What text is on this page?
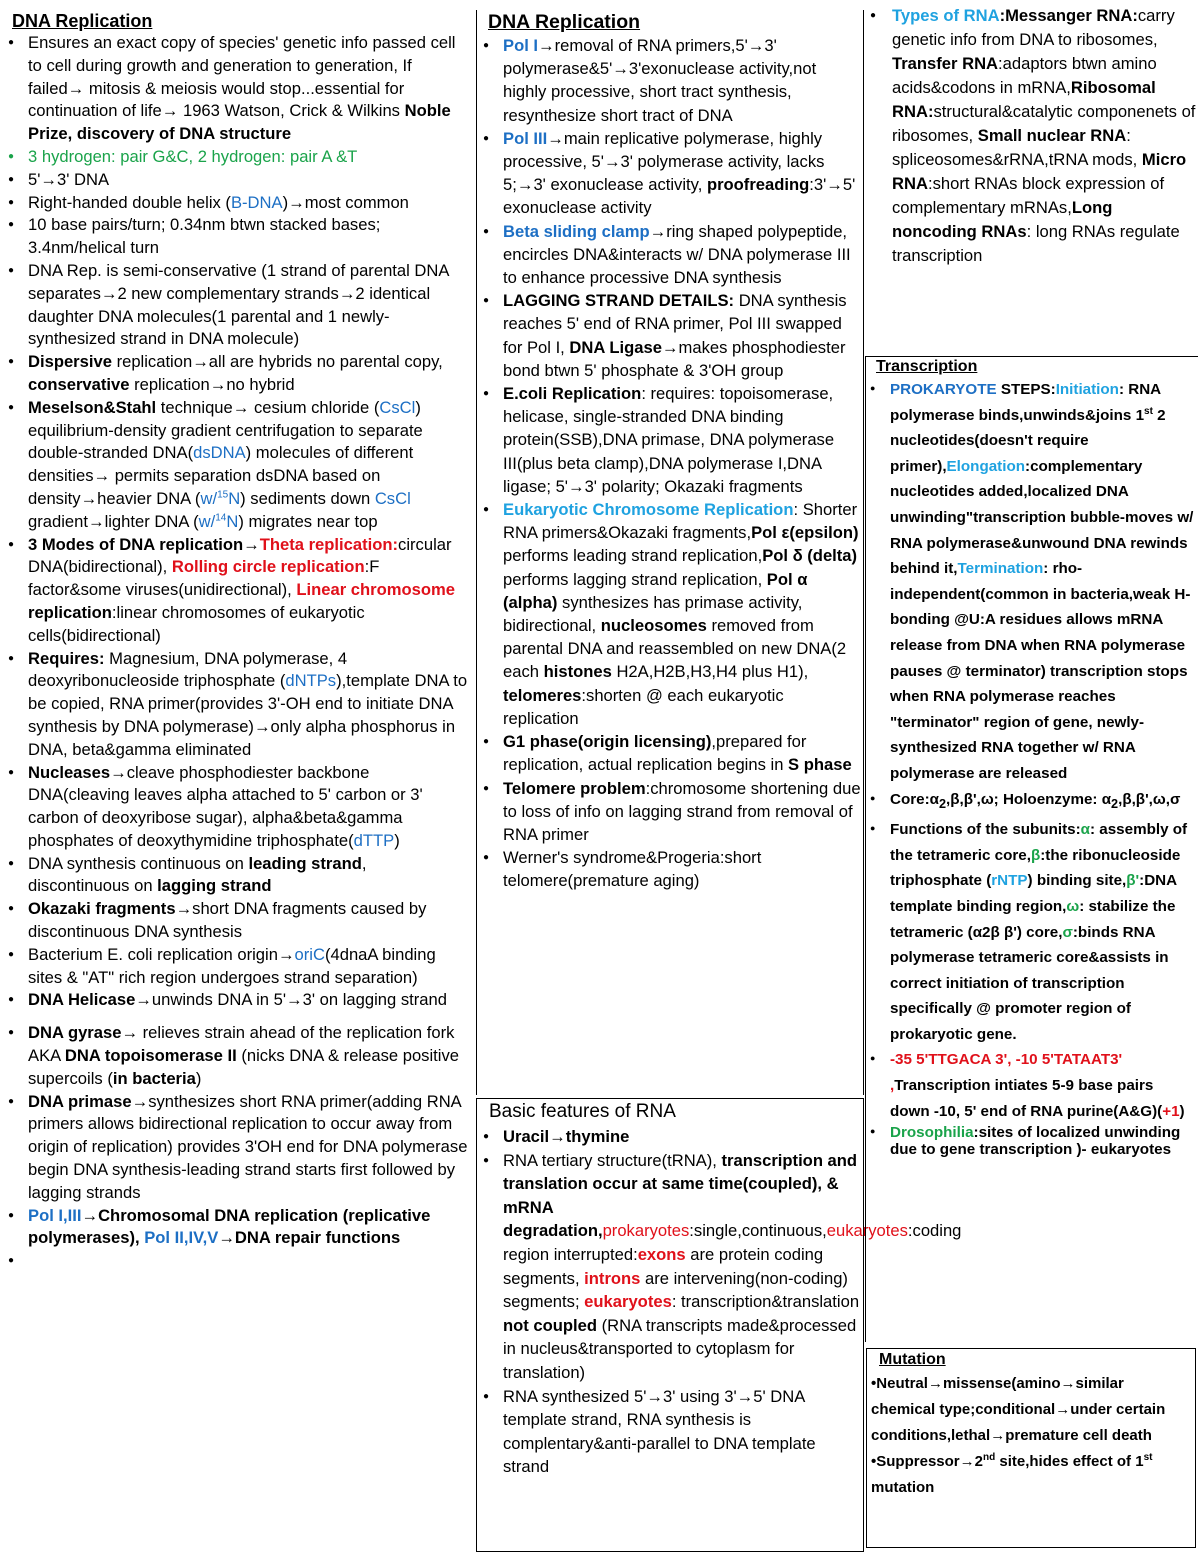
DNA Replication
● Ensures an exact copy of species' genetic info passed cell to cell during growth and generation to generation, If failed→ mitosis & meiosis would stop...essential for continuation of life→ 1963 Watson, Crick & Wilkins Noble Prize, discovery of DNA structure
● 3 hydrogen: pair G&C, 2 hydrogen: pair A &T
● 5'→3' DNA
● Right-handed double helix (B-DNA)→most common
● 10 base pairs/turn; 0.34nm btwn stacked bases; 3.4nm/helical turn
● DNA Rep. is semi-conservative (1 strand of parental DNA separates→2 new complementary strands→2 identical daughter DNA molecules(1 parental and 1 newly-synthesized strand in DNA molecule)
● Dispersive replication→all are hybrids no parental copy, conservative replication→no hybrid
● Meselson&Stahl technique→ cesium chloride (CsCl) equilibrium-density gradient centrifugation to separate double-stranded DNA(dsDNA) molecules of different densities→ permits separation dsDNA based on density→heavier DNA (w/$^{15}$N) sediments down CsCl gradient→lighter DNA (w/$^{14}$N) migrates near top
● 3 Modes of DNA replication→Theta replication:circular DNA(bidirectional), Rolling circle replication:F factor&some viruses(unidirectional), Linear chromosome replication:linear chromosomes of eukaryotic cells(bidirectional)
● Requires: Magnesium, DNA polymerase, 4 deoxyribonucleoside triphosphate (dNTPs),template DNA to be copied, RNA primer(provides 3'-OH end to initiate DNA synthesis by DNA polymerase)→only alpha phosphorus in DNA, beta&gamma eliminated
● Nucleases→cleave phosphodiester backbone DNA(cleaving leaves alpha attached to 5' carbon or 3' carbon of deoxyribose sugar), alpha&beta&gamma phosphates of deoxythymidine triphosphate(dTTP)
● DNA synthesis continuous on leading strand, discontinuous on lagging strand
● Okazaki fragments→short DNA fragments caused by discontinuous DNA synthesis
● Bacterium E. coli replication origin→oriC(4dnaA binding sites & "AT" rich region undergoes strand separation)
● DNA Helicase→unwinds DNA in 5'→3' on lagging strand
● DNA gyrase→ relieves strain ahead of the replication fork AKA DNA topoisomerase II (nicks DNA & release positive supercoils (in bacteria)
● DNA primase→synthesizes short RNA primer(adding RNA primers allows bidirectional replication to occur away from origin of replication) provides 3'OH end for DNA polymerase begin DNA synthesis-leading strand starts first followed by lagging strands
● Pol I,III→Chromosomal DNA replication (replicative polymerases), Pol II,IV,V→DNA repair functions
DNA Replication
● Pol I→removal of RNA primers,5'→3' polymerase&5'→3'exonuclease activity,not highly processive, short tract synthesis, resynthesize short tract of DNA
● Pol III→main replicative polymerase, highly processive, 5'→3' polymerase activity, lacks 5;→3' exonuclease activity, proofreading:3'→5' exonuclease activity
● Beta sliding clamp→ring shaped polypeptide, encircles DNA&interacts w/ DNA polymerase III to enhance processive DNA synthesis
● LAGGING STRAND DETAILS: DNA synthesis reaches 5' end of RNA primer, Pol III swapped for Pol I, DNA Ligase→makes phosphodiester bond btwn 5' phosphate & 3'OH group
● E.coli Replication: requires: topoisomerase, helicase, single-stranded DNA binding protein(SSB),DNA primase, DNA polymerase III(plus beta clamp),DNA polymerase I,DNA ligase; 5'→3' polarity; Okazaki fragments
● Eukaryotic Chromosome Replication: Shorter RNA primers&Okazaki fragments,Pol ε(epsilon) performs leading strand replication,Pol δ (delta) performs lagging strand replication, Pol α (alpha) synthesizes has primase activity, bidirectional, nucleosomes removed from parental DNA and reassembled on new DNA(2 each histones H2A,H2B,H3,H4 plus H1), telomeres:shorten @ each eukaryotic replication
● G1 phase(origin licensing),prepared for replication, actual replication begins in S phase
● Telomere problem:chromosome shortening due to loss of info on lagging strand from removal of RNA primer
● Werner's syndrome&Progeria:short telomere(premature aging)
Basic features of RNA
● Uracil→thymine
● RNA tertiary structure(tRNA), transcription and translation occur at same time(coupled), & mRNA degradation,prokaryotes:single,continuous,eukaryotes:coding region interrupted:exons are protein coding segments, introns are intervening(non-coding) segments; eukaryotes: transcription&translation not coupled (RNA transcripts made&processed in nucleus&transported to cytoplasm for translation)
● RNA synthesized 5'→3' using 3'→5' DNA template strand, RNA synthesis is complentary&anti-parallel to DNA template strand
● Types of RNA:Messanger RNA:carry genetic info from DNA to ribosomes, Transfer RNA:adaptors btwn amino acids&codons in mRNA,Ribosomal RNA:structural&catalytic componenets of ribosomes, Small nuclear RNA: spliceosomes&rRNA,tRNA mods, Micro RNA:short RNAs block expression of complementary mRNAs,Long noncoding RNAs: long RNAs regulate transcription
Transcription
● PROKARYOTE STEPS:Initiation: RNA polymerase binds,unwinds&joins 1st 2 nucleotides(doesn't require primer),Elongation:complementary nucleotides added,localized DNA unwinding"transcription bubble-moves w/ RNA polymerase&unwound DNA rewinds behind it,Termination: rho-independent(common in bacteria,weak H-bonding @U:A residues allows mRNA release from DNA when RNA polymerase pauses @ terminator) transcription stops when RNA polymerase reaches "terminator" region of gene, newly-synthesized RNA together w/ RNA polymerase are released
● $Core:\alpha_2,\beta,\beta',\omega$; Holoenzyme: $\alpha_2,\beta,\beta',\omega,\sigma$
● Functions of the subunits:α: assembly of the tetrameric core,β:the ribonucleoside triphosphate (rNTP) binding site,β':DNA template binding region,ω: stabilize the tetrameric (α2β β') core,σ:binds RNA polymerase tetrameric core&assists in correct initiation of transcription specifically @ promoter region of prokaryotic gene.
● -35 5'TTGACA 3', -10 5'TATAAT3' ,Transcription intiates 5-9 base pairs down -10, 5' end of RNA purine(A&G)(+1)
● Drosophilia:sites of localized unwinding due to gene transcription )- eukaryotes
Mutation
•Neutral→missense(amino→similar chemical type;conditional→under certain conditions,lethal→premature cell death
•Suppressor→2nd site,hides effect of 1st mutation
